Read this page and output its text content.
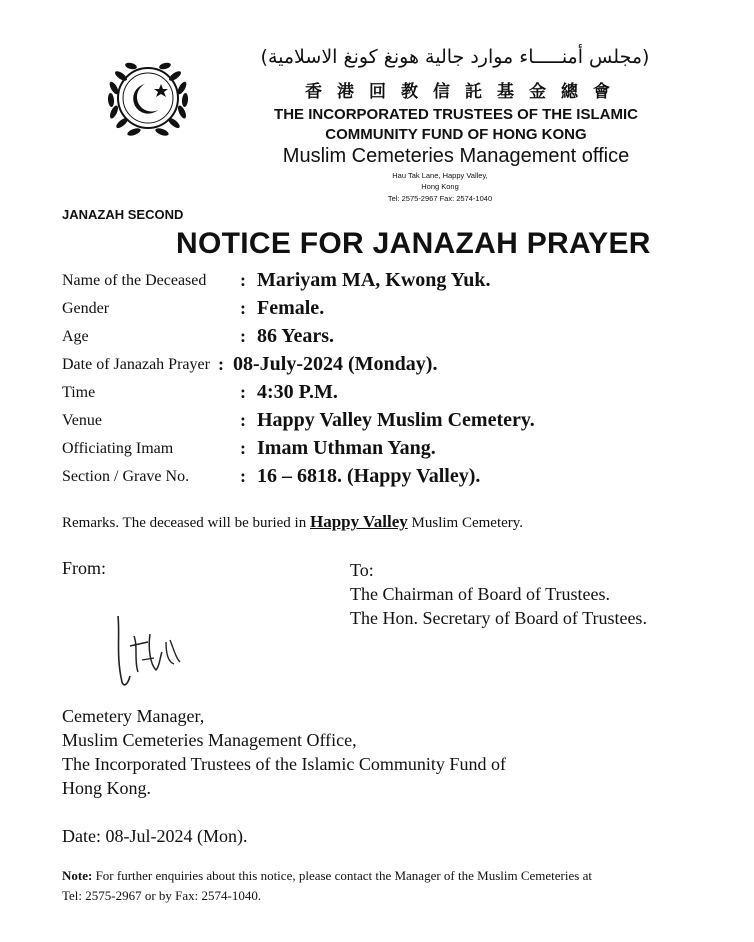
(مجلس أمنـــــاء موارد جالية هونغ كونغ الاسلامية)
香港回教信託基金總會
THE INCORPORATED TRUSTEES OF THE ISLAMIC
COMMUNITY FUND OF HONG KONG
Muslim Cemeteries Management office
Hau Tak Lane, Happy Valley,
Hong Kong
Tel: 2575-2967 Fax: 2574-1040
JANAZAH SECOND
NOTICE FOR JANAZAH PRAYER
Name of the Deceased : Mariyam MA, Kwong Yuk.
Gender	: Female.
Age	: 86 Years.
Date of Janazah Prayer : 08-July-2024 (Monday).
Time	: 4:30 P.M.
Venue	: Happy Valley Muslim Cemetery.
Officiating Imam	: Imam Uthman Yang.
Section / Grave No.	: 16 – 6818. (Happy Valley).
Remarks. The deceased will be buried in Happy Valley Muslim Cemetery.
From:	To:
The Chairman of Board of Trustees.
The Hon. Secretary of Board of Trustees.
Cemetery Manager,
Muslim Cemeteries Management Office,
The Incorporated Trustees of the Islamic Community Fund of
Hong Kong.
Date: 08-Jul-2024 (Mon).
Note: For further enquiries about this notice, please contact the Manager of the Muslim Cemeteries at
Tel: 2575-2967 or by Fax: 2574-1040.
